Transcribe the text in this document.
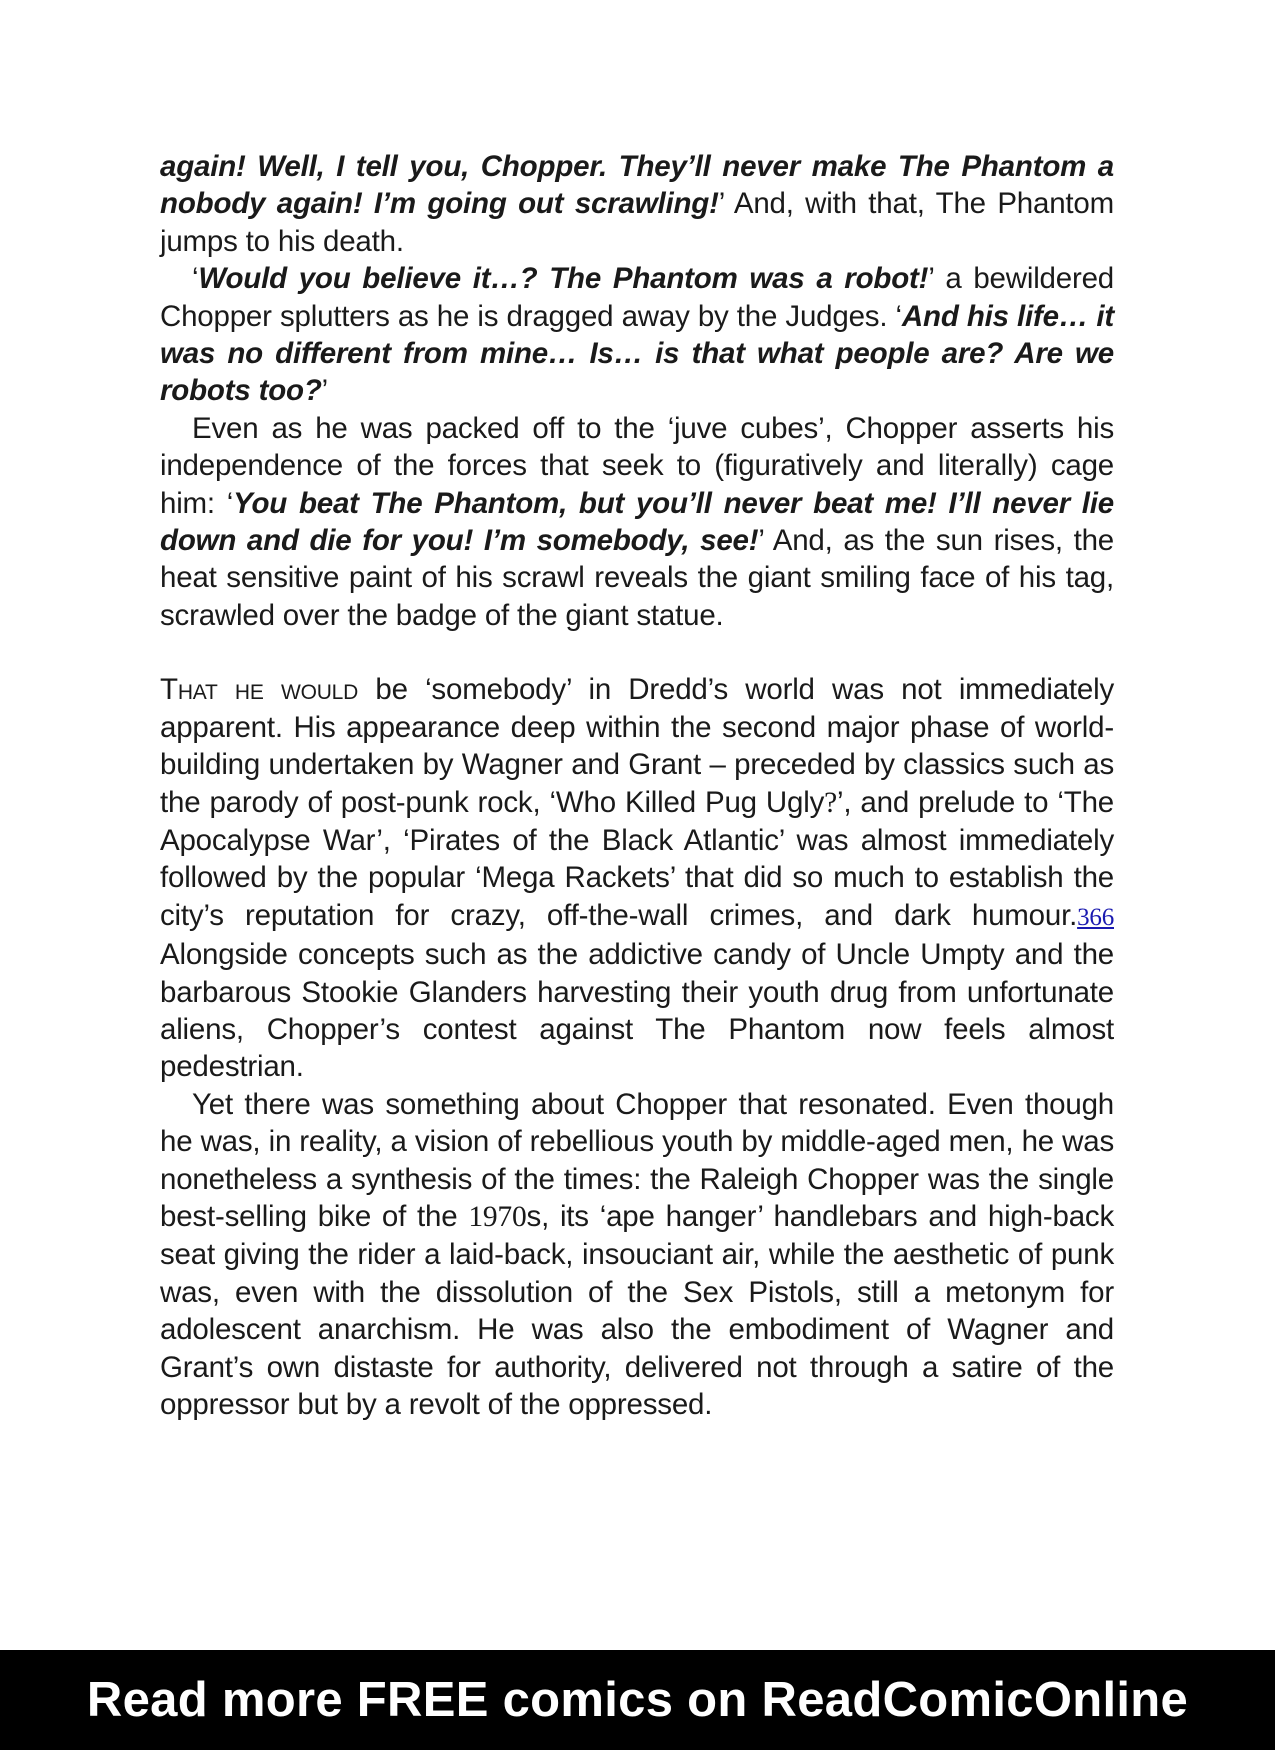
again! Well, I tell you, Chopper. They’ll never make The Phantom a nobody again! I’m going out scrawling!’ And, with that, The Phantom jumps to his death.

‘Would you believe it…? The Phantom was a robot!’ a bewildered Chopper splutters as he is dragged away by the Judges. ‘And his life… it was no different from mine… Is… is that what people are? Are we robots too?’

Even as he was packed off to the ‘juve cubes’, Chopper asserts his independence of the forces that seek to (figuratively and literally) cage him: ‘You beat The Phantom, but you’ll never beat me! I’ll never lie down and die for you! I’m somebody, see!’ And, as the sun rises, the heat sensitive paint of his scrawl reveals the giant smiling face of his tag, scrawled over the badge of the giant statue.

That he would be ‘somebody’ in Dredd’s world was not immediately apparent. His appearance deep within the second major phase of world-building undertaken by Wagner and Grant – preceded by classics such as the parody of post-punk rock, ‘Who Killed Pug Ugly?’, and prelude to ‘The Apocalypse War’, ‘Pirates of the Black Atlantic’ was almost immediately followed by the popular ‘Mega Rackets’ that did so much to establish the city’s reputation for crazy, off-the-wall crimes, and dark humour.366 Alongside concepts such as the addictive candy of Uncle Umpty and the barbarous Stookie Glanders harvesting their youth drug from unfortunate aliens, Chopper’s contest against The Phantom now feels almost pedestrian.

Yet there was something about Chopper that resonated. Even though he was, in reality, a vision of rebellious youth by middle-aged men, he was nonetheless a synthesis of the times: the Raleigh Chopper was the single best-selling bike of the 1970s, its ‘ape hanger’ handlebars and high-back seat giving the rider a laid-back, insouciant air, while the aesthetic of punk was, even with the dissolution of the Sex Pistols, still a metonym for adolescent anarchism. He was also the embodiment of Wagner and Grant’s own distaste for authority, delivered not through a satire of the oppressor but by a revolt of the oppressed.

Read more FREE comics on ReadComicOnline
